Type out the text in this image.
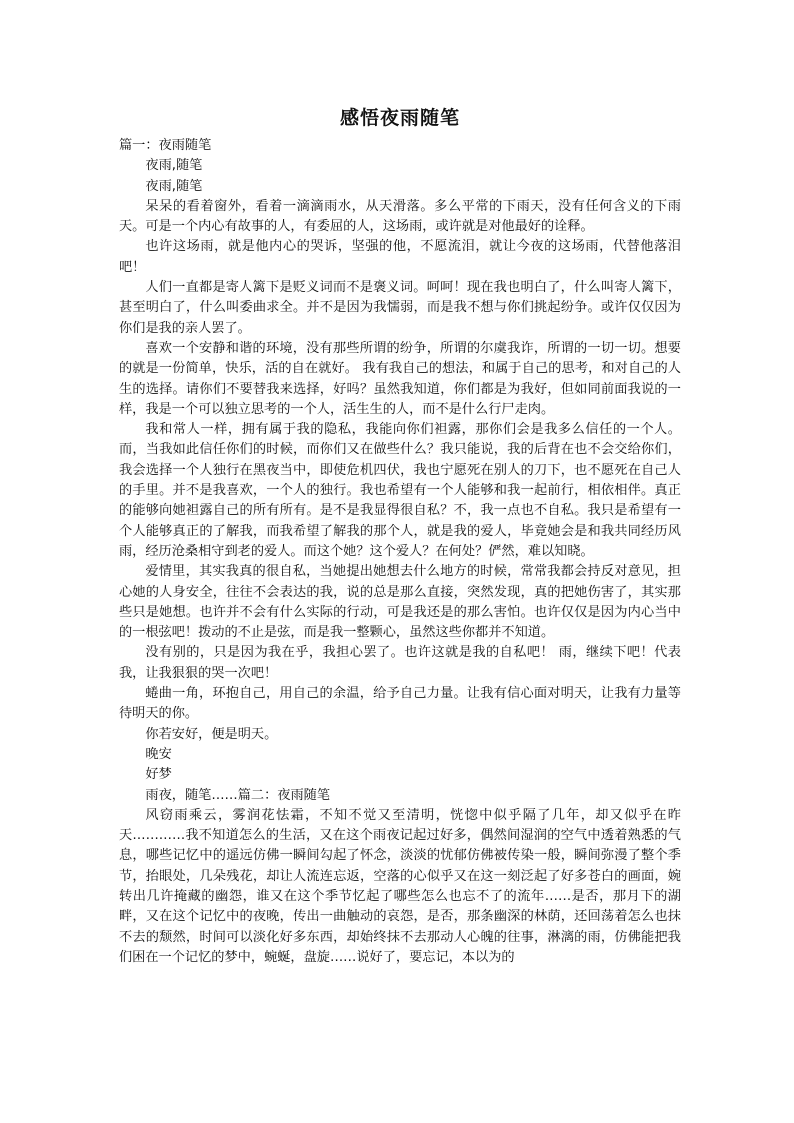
感悟夜雨随笔

篇一：夜雨随笔

夜雨,随笔

夜雨,随笔

呆呆的看着窗外，看着一滴滴雨水，从天滑落。多么平常的下雨天，没有任何含义的下雨天。可是一个内心有故事的人，有委屈的人，这场雨，或许就是对他最好的诠释。

也许这场雨，就是他内心的哭诉，坚强的他，不愿流泪，就让今夜的这场雨，代替他落泪吧！

人们一直都是寄人篱下是贬义词而不是褒义词。呵呵！现在我也明白了，什么叫寄人篱下，甚至明白了，什么叫委曲求全。并不是因为我懦弱，而是我不想与你们挑起纷争。或许仅仅因为你们是我的亲人罢了。

喜欢一个安静和谐的环境，没有那些所谓的纷争，所谓的尔虞我诈，所谓的一切一切。想要的就是一份简单，快乐，活的自在就好。 我有我自己的想法，和属于自己的思考，和对自己的人生的选择。请你们不要替我来选择，好吗？虽然我知道，你们都是为我好，但如同前面我说的一样，我是一个可以独立思考的一个人，活生生的人，而不是什么行尸走肉。

我和常人一样，拥有属于我的隐私，我能向你们袒露，那你们会是我多么信任的一个人。而，当我如此信任你们的时候，而你们又在做些什么？我只能说，我的后背在也不会交给你们，我会选择一个人独行在黑夜当中，即使危机四伏，我也宁愿死在别人的刀下，也不愿死在自己人的手里。并不是我喜欢，一个人的独行。我也希望有一个人能够和我一起前行，相依相伴。真正的能够向她袒露自己的所有所有。是不是我显得很自私？不，我一点也不自私。我只是希望有一个人能够真正的了解我，而我希望了解我的那个人，就是我的爱人，毕竟她会是和我共同经历风雨，经历沧桑相守到老的爱人。而这个她？这个爱人？在何处？俨然，难以知晓。

爱情里，其实我真的很自私，当她提出她想去什么地方的时候，常常我都会持反对意见，担心她的人身安全，往往不会表达的我，说的总是那么直接，突然发现，真的把她伤害了，其实那些只是她想。也许并不会有什么实际的行动，可是我还是的那么害怕。也许仅仅是因为内心当中的一根弦吧！拨动的不止是弦，而是我一整颗心，虽然这些你都并不知道。

没有别的，只是因为我在乎，我担心罢了。也许这就是我的自私吧！ 雨，继续下吧！代表我，让我狠狠的哭一次吧！

蜷曲一角，环抱自己，用自己的余温，给予自己力量。让我有信心面对明天，让我有力量等待明天的你。

你若安好，便是明天。

晚安

好梦

雨夜，随笔……篇二：夜雨随笔

风窃雨乘云，雾润花怯霜，不知不觉又至清明，恍惚中似乎隔了几年，却又似乎在昨天…………我不知道怎么的生活，又在这个雨夜记起过好多，偶然间湿润的空气中透着熟悉的气息，哪些记忆中的遥远仿佛一瞬间勾起了怀念，淡淡的忧郁仿佛被传染一般，瞬间弥漫了整个季节，抬眼处，几朵残花，却让人流连忘返，空落的心似乎又在这一刻泛起了好多苍白的画面，婉转出几许掩藏的幽怨，谁又在这个季节忆起了哪些怎么也忘不了的流年……是否，那月下的湖畔，又在这个记忆中的夜晚，传出一曲触动的哀怨，是否，那条幽深的林荫，还回荡着怎么也抹不去的颓然，时间可以淡化好多东西，却始终抹不去那动人心魄的往事，淋漓的雨，仿佛能把我们困在一个记忆的梦中，蜿蜒，盘旋……说好了，要忘记，本以为的
